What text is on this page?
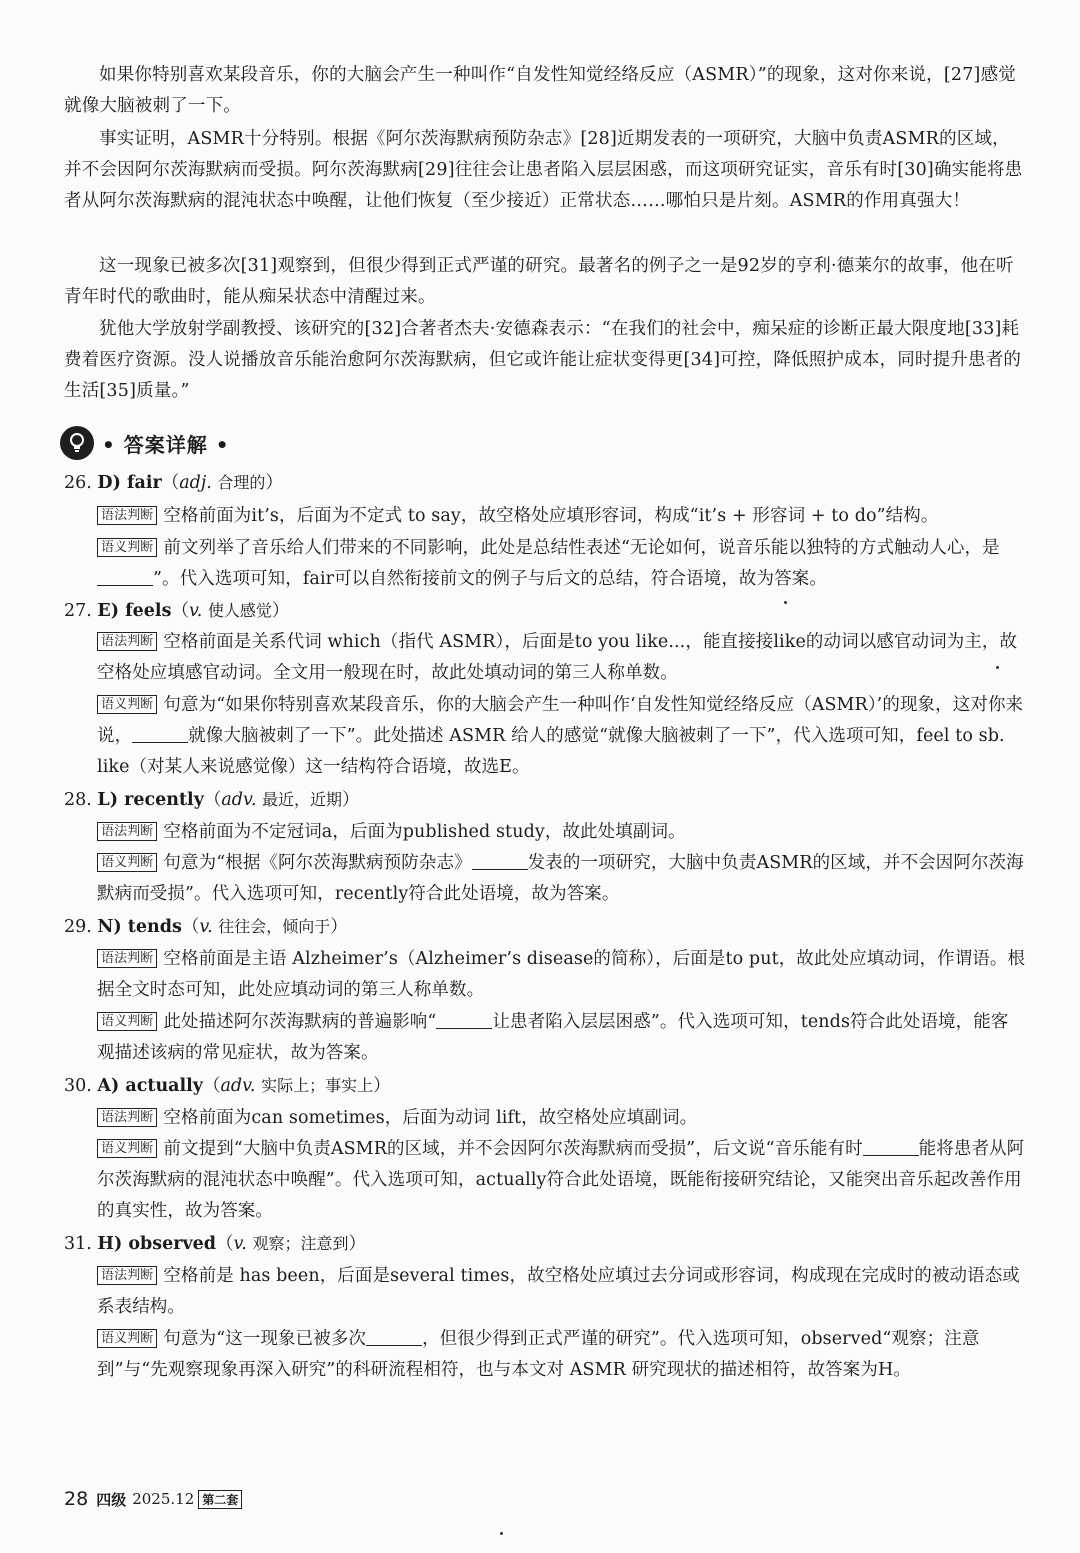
如果你特别喜欢某段音乐，你的大脑会产生一种叫作“自发性知觉经络反应（ASMR）”的现象，这对你来说，[27]感觉就像大脑被刺了一下。

事实证明，ASMR十分特别。根据《阿尔茨海默病预防杂志》[28]近期发表的一项研究，大脑中负责ASMR的区域，并不会因阿尔茨海默病而受损。阿尔茨海默病[29]往往会让患者陷入层层困惑，而这项研究证实，音乐有时[30]确实能将患者从阿尔茨海默病的混沌状态中唤醒，让他们恢复（至少接近）正常状态……哪怕只是片刻。ASMR的作用真强大！

这一现象已被多次[31]观察到，但很少得到正式严谨的研究。最著名的例子之一是92岁的亨利·德莱尔的故事，他在听青年时代的歌曲时，能从痴呆状态中清醒过来。

犹他大学放射学副教授、该研究的[32]合著者杰夫·安德森表示：“在我们的社会中，痴呆症的诊断正最大限度地[33]耗费着医疗资源。没人说播放音乐能治愈阿尔茨海默病，但它或许能让症状变得更[34]可控，降低照护成本，同时提升患者的生活[35]质量。”

• 答案详解 •

26. D) fair（adj. 合理的）

语法判断 空格前面为it’s，后面为不定式 to say，故空格处应填形容词，构成“it’s + 形容词 + to do”结构。

语义判断 前文列举了音乐给人们带来的不同影响，此处是总结性表述“无论如何，说音乐能以独特的方式触动人心，是”。代入选项可知，fair可以自然衔接前文的例子与后文的总结，符合语境，故为答案。

27. E) feels（v. 使人感觉）

语法判断 空格前面是关系代词 which（指代 ASMR），后面是to you like...，能直接接like的动词以感官动词为主，故空格处应填感官动词。全文用一般现在时，故此处填动词的第三人称单数。

语义判断 句意为“如果你特别喜欢某段音乐，你的大脑会产生一种叫作‘自发性知觉经络反应（ASMR）’的现象，这对你来说，	就像大脑被刺了一下”。此处描述 ASMR 给人的感觉“就像大脑被刺了一下”，代入选项可知，feel to sb. like（对某人来说感觉像）这一结构符合语境，故选E。

28. L) recently（adv. 最近，近期）

语法判断 空格前面为不定冠词a，后面为published study，故此处填副词。

语义判断 句意为“根据《阿尔茨海默病预防杂志》	发表的一项研究，大脑中负责ASMR的区域，并不会因阿尔茨海默病而受损”。代入选项可知，recently符合此处语境，故为答案。

29. N) tends（v. 往往会，倾向于）

语法判断 空格前面是主语 Alzheimer’s（Alzheimer’s disease的简称），后面是to put，故此处应填动词，作谓语。根据全文时态可知，此处应填动词的第三人称单数。

语义判断 此处描述阿尔茨海默病的普遍影响“	让患者陷入层层困惑”。代入选项可知，tends符合此处语境，能客观描述该病的常见症状，故为答案。

30. A) actually（adv. 实际上；事实上）

语法判断 空格前面为can sometimes，后面为动词 lift，故空格处应填副词。

语义判断 前文提到“大脑中负责ASMR的区域，并不会因阿尔茨海默病而受损”，后文说“音乐能有时	能将患者从阿尔茨海默病的混沌状态中唤醒”。代入选项可知，actually符合此处语境，既能衔接研究结论，又能突出音乐起改善作用的真实性，故为答案。

31. H) observed（v. 观察；注意到）

语法判断 空格前是 has been，后面是several times，故空格处应填过去分词或形容词，构成现在完成时的被动语态或系表结构。

语义判断 句意为“这一现象已被多次	，但很少得到正式严谨的研究”。代入选项可知，observed“观察；注意到”与“先观察现象再深入研究”的科研流程相符，也与本文对 ASMR 研究现状的描述相符，故答案为H。

28 四级 2025.12 第二套
